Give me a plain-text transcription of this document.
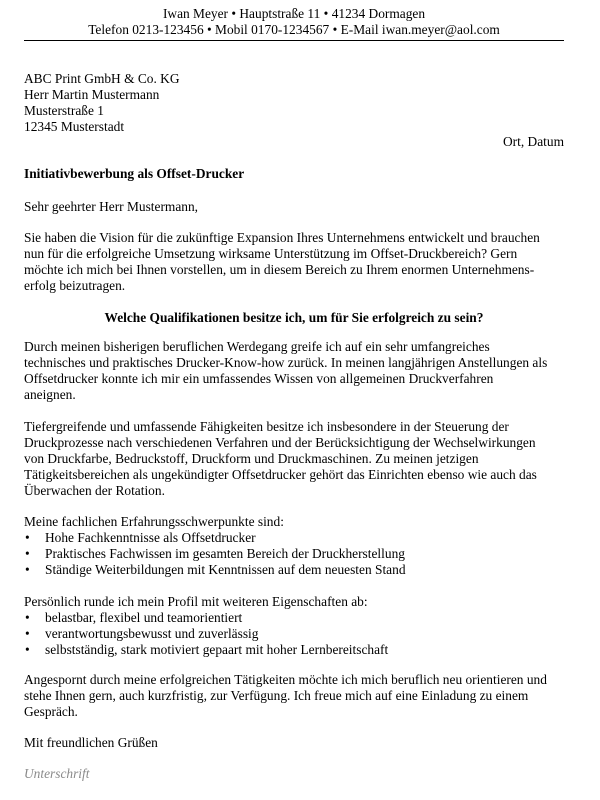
Iwan Meyer • Hauptstraße 11 • 41234 Dormagen
Telefon 0213-123456 • Mobil 0170-1234567 • E-Mail iwan.meyer@aol.com
ABC Print GmbH & Co. KG
Herr Martin Mustermann
Musterstraße 1
12345 Musterstadt
Ort, Datum
Initiativbewerbung als Offset-Drucker
Sehr geehrter Herr Mustermann,
Sie haben die Vision für die zukünftige Expansion Ihres Unternehmens entwickelt und brauchen
nun für die erfolgreiche Umsetzung wirksame Unterstützung im Offset-Druckbereich? Gern
möchte ich mich bei Ihnen vorstellen, um in diesem Bereich zu Ihrem enormen Unternehmens-
erfolg beizutragen.
Welche Qualifikationen besitze ich, um für Sie erfolgreich zu sein?
Durch meinen bisherigen beruflichen Werdegang greife ich auf ein sehr umfangreiches
technisches und praktisches Drucker-Know-how zurück. In meinen langjährigen Anstellungen als
Offsetdrucker konnte ich mir ein umfassendes Wissen von allgemeinen Druckverfahren
aneignen.
Tiefergreifende und umfassende Fähigkeiten besitze ich insbesondere in der Steuerung der
Druckprozesse nach verschiedenen Verfahren und der Berücksichtigung der Wechselwirkungen
von Druckfarbe, Bedruckstoff, Druckform und Druckmaschinen. Zu meinen jetzigen
Tätigkeitsbereichen als ungekündigter Offsetdrucker gehört das Einrichten ebenso wie auch das
Überwachen der Rotation.
Meine fachlichen Erfahrungsschwerpunkte sind:
• Hohe Fachkenntnisse als Offsetdrucker
• Praktisches Fachwissen im gesamten Bereich der Druckherstellung
• Ständige Weiterbildungen mit Kenntnissen auf dem neuesten Stand
Persönlich runde ich mein Profil mit weiteren Eigenschaften ab:
• belastbar, flexibel und teamorientiert
• verantwortungsbewusst und zuverlässig
• selbstständig, stark motiviert gepaart mit hoher Lernbereitschaft
Angespornt durch meine erfolgreichen Tätigkeiten möchte ich mich beruflich neu orientieren und
stehe Ihnen gern, auch kurzfristig, zur Verfügung. Ich freue mich auf eine Einladung zu einem
Gespräch.
Mit freundlichen Grüßen
Unterschrift
